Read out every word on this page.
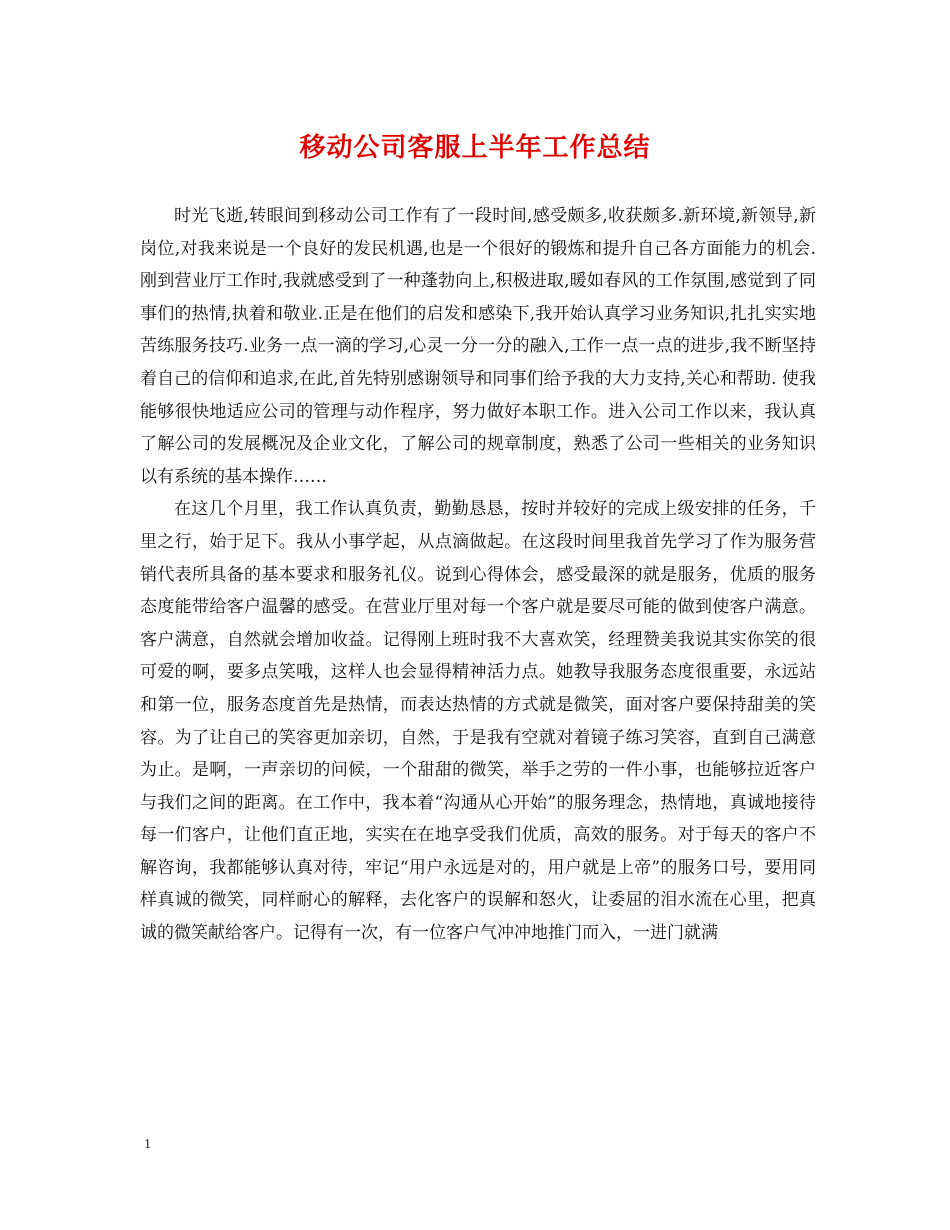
移动公司客服上半年工作总结

时光飞逝,转眼间到移动公司工作有了一段时间,感受颇多,收获颇多.新环境,新领导,新岗位,对我来说是一个良好的发民机遇,也是一个很好的锻炼和提升自己各方面能力的机会.刚到营业厅工作时,我就感受到了一种蓬勃向上,积极进取,暖如春风的工作氛围,感觉到了同事们的热情,执着和敬业.正是在他们的启发和感染下,我开始认真学习业务知识,扎扎实实地苦练服务技巧.业务一点一滴的学习,心灵一分一分的融入,工作一点一点的进步,我不断坚持着自己的信仰和追求,在此,首先特别感谢领导和同事们给予我的大力支持,关心和帮助. 使我能够很快地适应公司的管理与动作程序，努力做好本职工作。进入公司工作以来，我认真了解公司的发展概况及企业文化，了解公司的规章制度，熟悉了公司一些相关的业务知识以有系统的基本操作……

在这几个月里，我工作认真负责，勤勤恳恳，按时并较好的完成上级安排的任务，千里之行，始于足下。我从小事学起，从点滴做起。在这段时间里我首先学习了作为服务营销代表所具备的基本要求和服务礼仪。说到心得体会，感受最深的就是服务，优质的服务态度能带给客户温馨的感受。在营业厅里对每一个客户就是要尽可能的做到使客户满意。客户满意，自然就会增加收益。记得刚上班时我不大喜欢笑，经理赞美我说其实你笑的很可爱的啊，要多点笑哦，这样人也会显得精神活力点。她教导我服务态度很重要，永远站和第一位，服务态度首先是热情，而表达热情的方式就是微笑，面对客户要保持甜美的笑容。为了让自己的笑容更加亲切，自然，于是我有空就对着镜子练习笑容，直到自己满意为止。是啊，一声亲切的问候，一个甜甜的微笑，举手之劳的一件小事，也能够拉近客户与我们之间的距离。在工作中，我本着“沟通从心开始”的服务理念，热情地，真诚地接待每一们客户，让他们直正地，实实在在地享受我们优质，高效的服务。对于每天的客户不解咨询，我都能够认真对待，牢记“用户永远是对的，用户就是上帝”的服务口号，要用同样真诚的微笑，同样耐心的解释，去化客户的误解和怒火，让委屈的泪水流在心里，把真诚的微笑献给客户。记得有一次，有一位客户气冲冲地推门而入，一进门就满

1
